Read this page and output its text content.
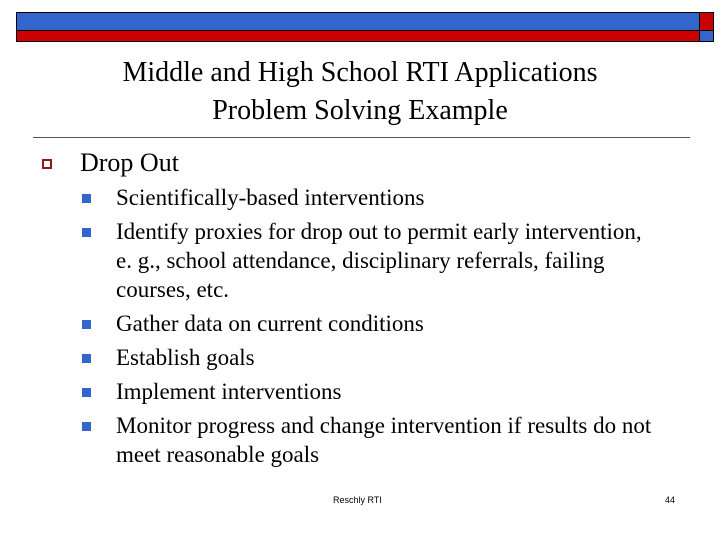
Middle and High School RTI Applications
Problem Solving Example
Drop Out
Scientifically-based interventions
Identify proxies for drop out to permit early intervention, e. g., school attendance, disciplinary referrals, failing courses, etc.
Gather data on current conditions
Establish goals
Implement interventions
Monitor progress and change intervention if results do not meet reasonable goals
Reschly RTI	44
